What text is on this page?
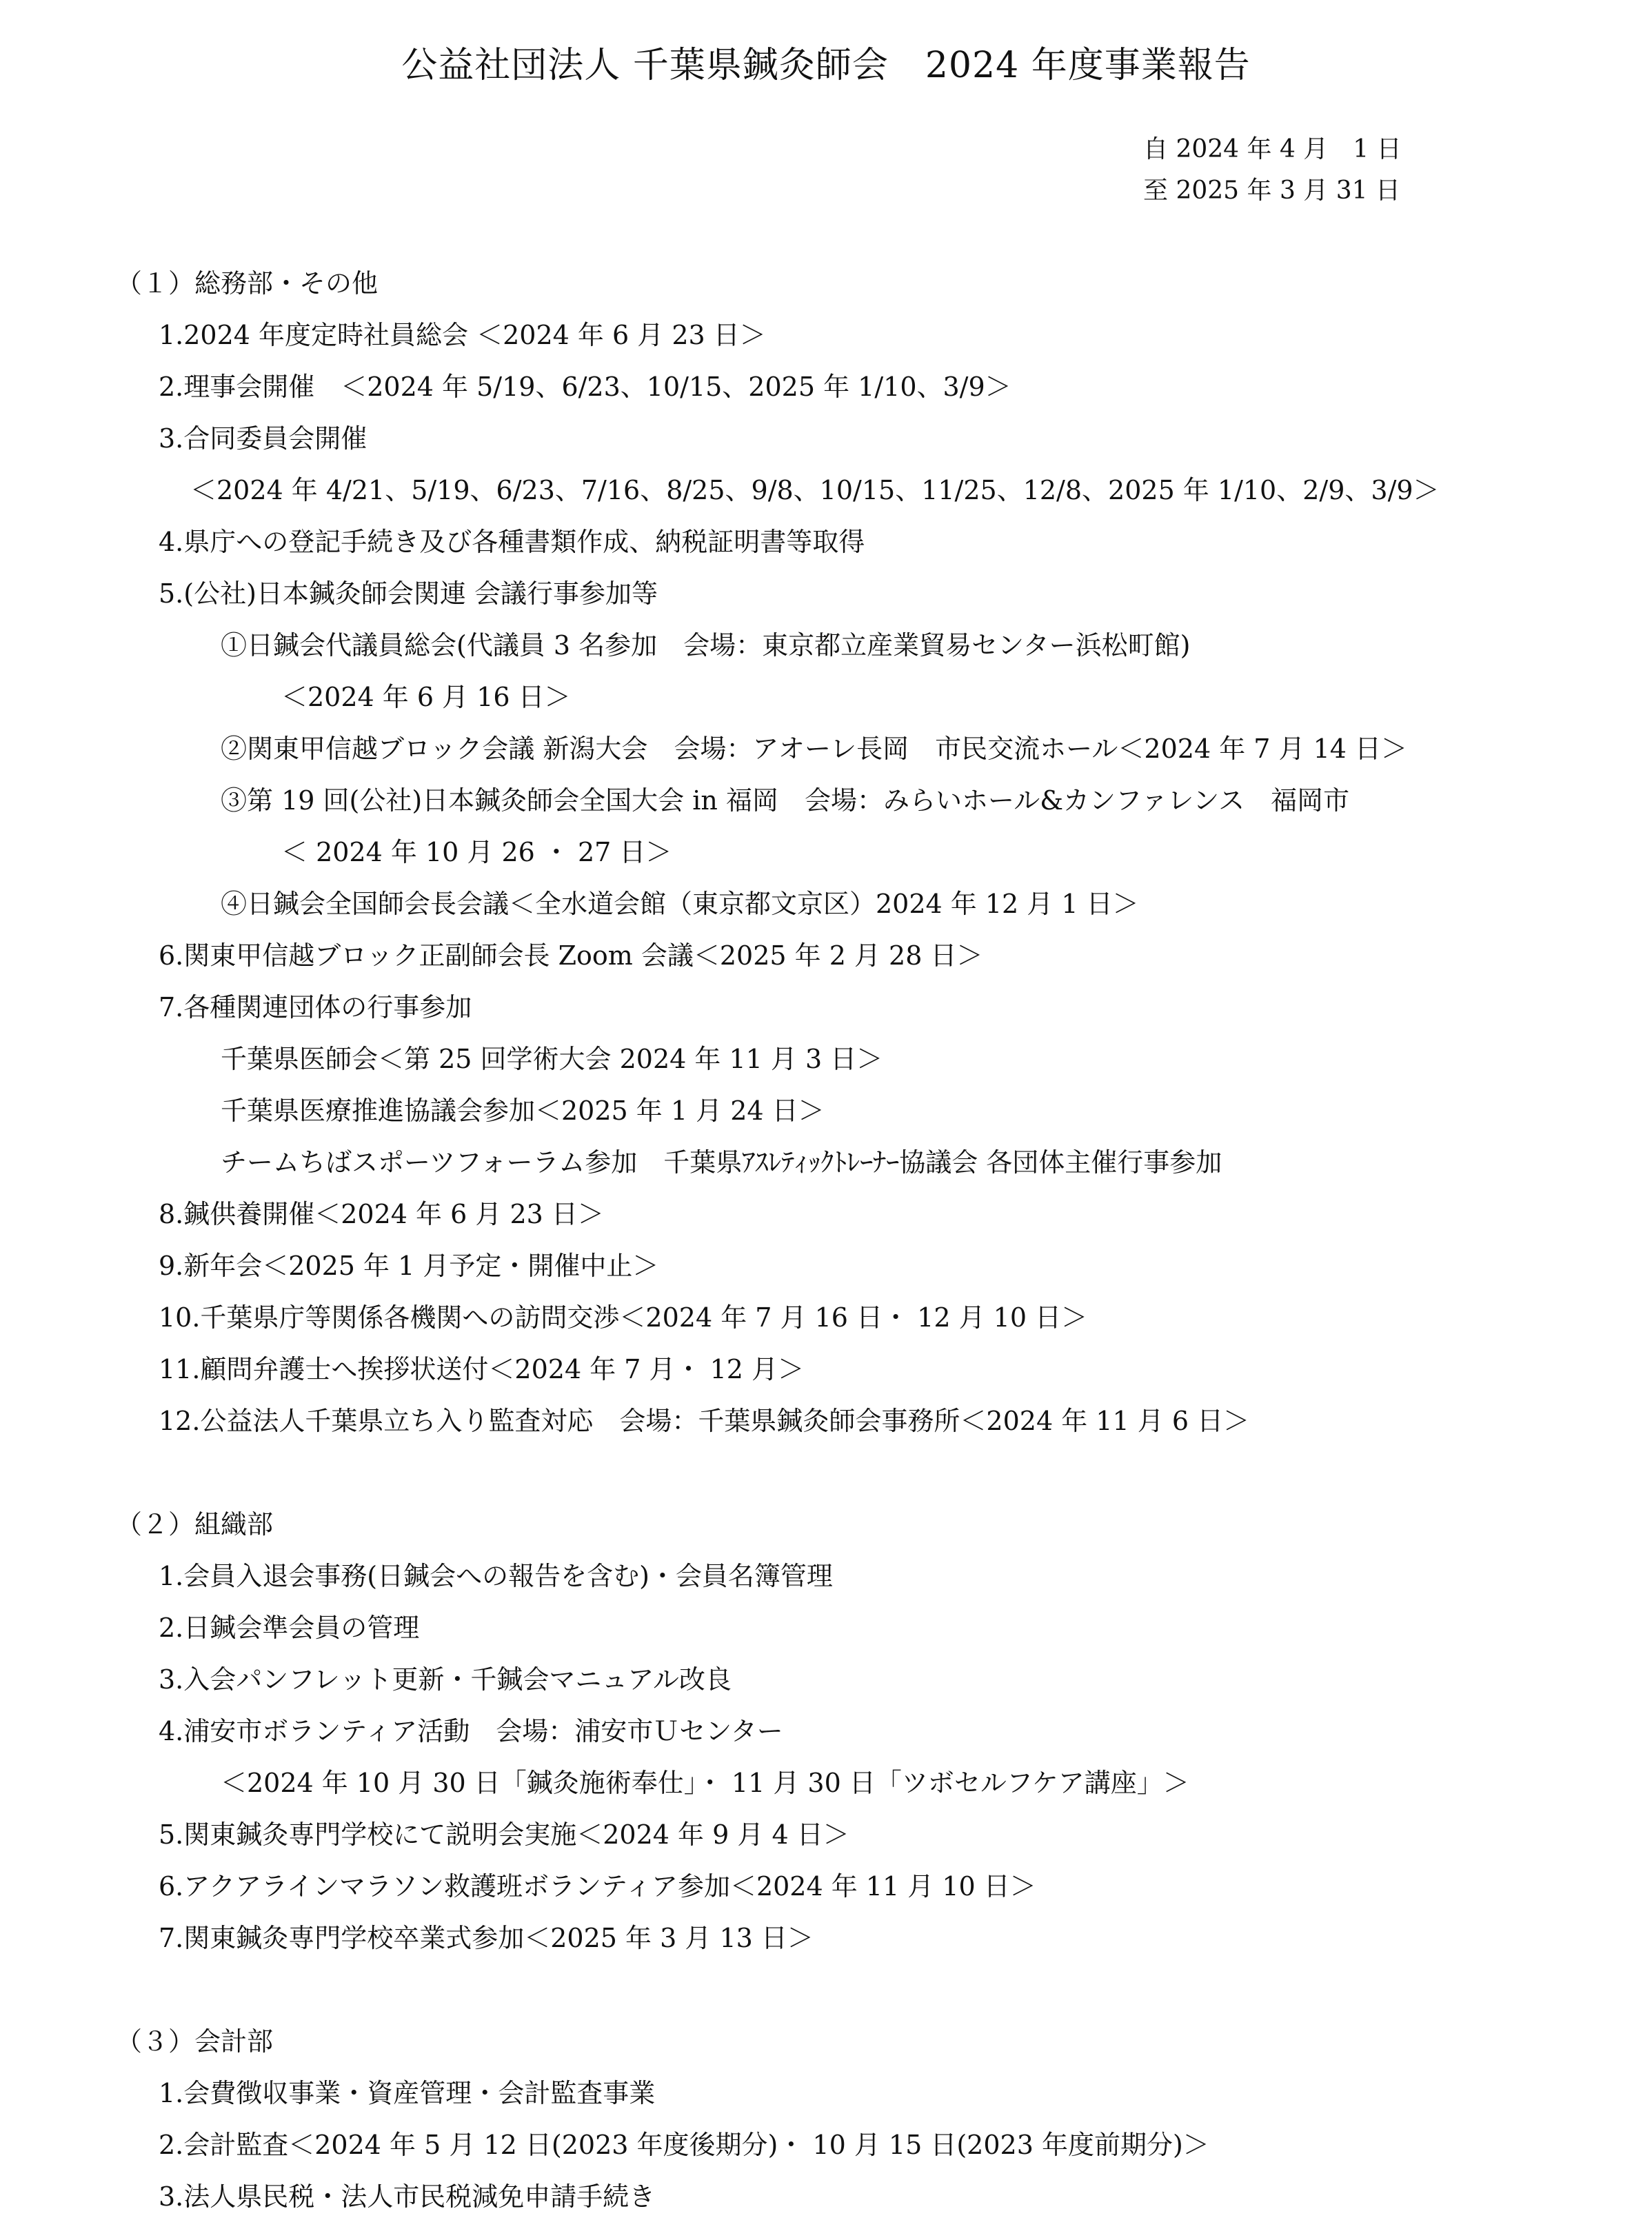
公益社団法人 千葉県鍼灸師会　2024 年度事業報告
自 2024 年 4 月　1 日
至 2025 年 3 月 31 日
（１）総務部・その他
1.2024 年度定時社員総会 ＜2024 年 6 月 23 日＞
2.理事会開催　＜2024 年 5/19、6/23、10/15、2025 年 1/10、3/9＞
3.合同委員会開催
＜2024 年 4/21、5/19、6/23、7/16、8/25、9/8、10/15、11/25、12/8、2025 年 1/10、2/9、3/9＞
4.県庁への登記手続き及び各種書類作成、納税証明書等取得
5.(公社)日本鍼灸師会関連 会議行事参加等
①日鍼会代議員総会(代議員 3 名参加　会場：東京都立産業貿易センター浜松町館)
＜2024 年 6 月 16 日＞
②関東甲信越ブロック会議 新潟大会　会場：アオーレ長岡　市民交流ホール＜2024 年 7 月 14 日＞
③第 19 回(公社)日本鍼灸師会全国大会 in 福岡　会場：みらいホール&カンファレンス　福岡市
＜ 2024 年 10 月 26 ・ 27 日＞
④日鍼会全国師会長会議＜全水道会館（東京都文京区）2024 年 12 月 1 日＞
6.関東甲信越ブロック正副師会長 Zoom 会議＜2025 年 2 月 28 日＞
7.各種関連団体の行事参加
千葉県医師会＜第 25 回学術大会 2024 年 11 月 3 日＞
千葉県医療推進協議会参加＜2025 年 1 月 24 日＞
チームちばスポーツフォーラム参加　千葉県ｱｽﾚﾃｨｯｸﾄﾚｰﾅｰ協議会 各団体主催行事参加
8.鍼供養開催＜2024 年 6 月 23 日＞
9.新年会＜2025 年 1 月予定・開催中止＞
10.千葉県庁等関係各機関への訪問交渉＜2024 年 7 月 16 日・ 12 月 10 日＞
11.顧問弁護士へ挨拶状送付＜2024 年 7 月・ 12 月＞
12.公益法人千葉県立ち入り監査対応　会場：千葉県鍼灸師会事務所＜2024 年 11 月 6 日＞
（２）組織部
1.会員入退会事務(日鍼会への報告を含む)・会員名簿管理
2.日鍼会準会員の管理
3.入会パンフレット更新・千鍼会マニュアル改良
4.浦安市ボランティア活動　会場：浦安市Ｕセンター
＜2024 年 10 月 30 日「鍼灸施術奉仕」・ 11 月 30 日「ツボセルフケア講座」＞
5.関東鍼灸専門学校にて説明会実施＜2024 年 9 月 4 日＞
6.アクアラインマラソン救護班ボランティア参加＜2024 年 11 月 10 日＞
7.関東鍼灸専門学校卒業式参加＜2025 年 3 月 13 日＞
（３）会計部
1.会費徴収事業・資産管理・会計監査事業
2.会計監査＜2024 年 5 月 12 日(2023 年度後期分)・ 10 月 15 日(2023 年度前期分)＞
3.法人県民税・法人市民税減免申請手続き
